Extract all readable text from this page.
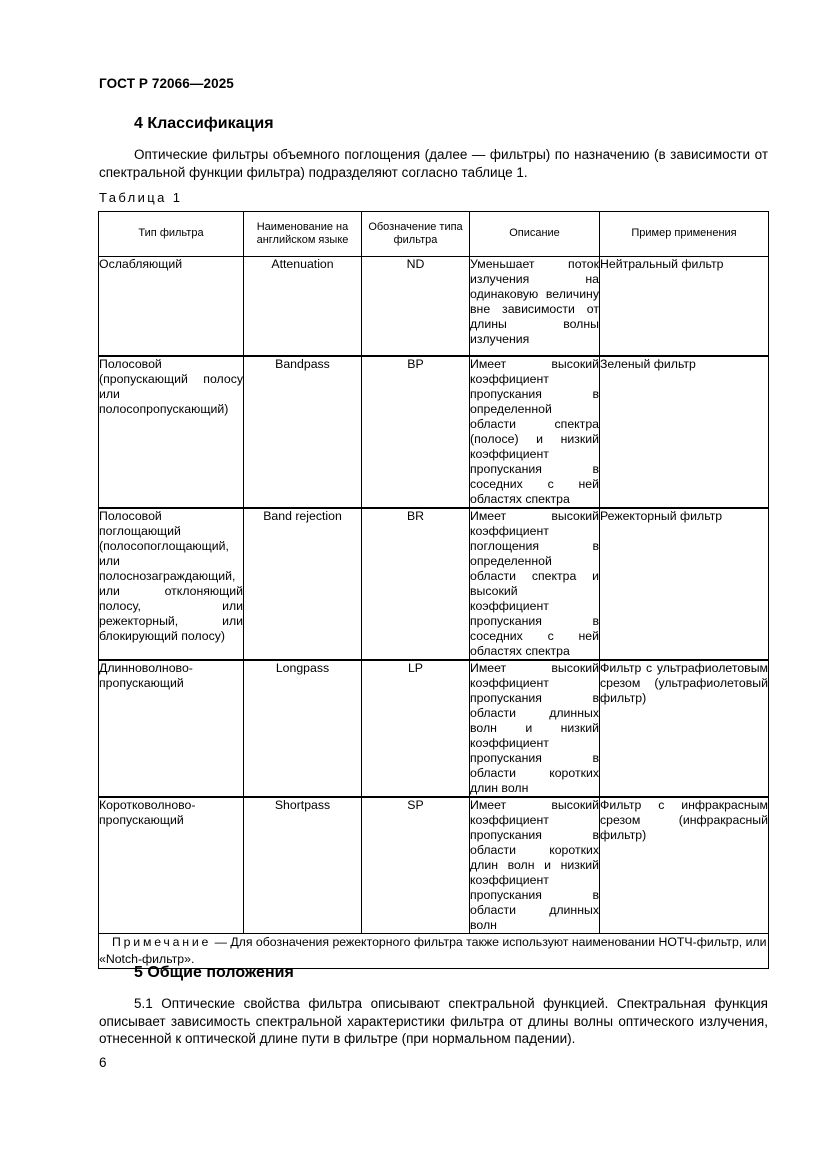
ГОСТ Р 72066—2025
4 Классификация
Оптические фильтры объемного поглощения (далее — фильтры) по назначению (в зависимости от спектральной функции фильтра) подразделяют согласно таблице 1.
Таблица 1
Тип фильтра	Наименование на английском языке	Обозначение типа фильтра	Описание	Пример применения
Ослабляющий	Attenuation	ND	Уменьшает поток излучения на одинаковую величину вне зависимости от длины волны излучения	Нейтральный фильтр
Полосовой (пропускающий полосу или полосопропускающий)	Bandpass	BP	Имеет высокий коэффициент пропускания в определенной области спектра (полосе) и низкий коэффициент пропускания в соседних с ней областях спектра	Зеленый фильтр
Полосовой поглощающий (полосопоглощающий, или полоснозаграждающий, или отклоняющий полосу, или режекторный, или блокирующий полосу)	Band rejection	BR	Имеет высокий коэффициент поглощения в определенной области спектра и высокий коэффициент пропускания в соседних с ней областях спектра	Режекторный фильтр
Длинноволново-пропускающий	Longpass	LP	Имеет высокий коэффициент пропускания в области длинных волн и низкий коэффициент пропускания в области коротких длин волн	Фильтр с ультрафиолетовым срезом (ультрафиолетовый фильтр)
Коротковолново-пропускающий	Shortpass	SP	Имеет высокий коэффициент пропускания в области коротких длин волн и низкий коэффициент пропускания в области длинных волн	Фильтр с инфракрасным срезом (инфракрасный фильтр)
Примечание — Для обозначения режекторного фильтра также используют наименовании НОТЧ-фильтр, или «Notch-фильтр».				
5 Общие положения
5.1 Оптические свойства фильтра описывают спектральной функцией. Спектральная функция описывает зависимость спектральной характеристики фильтра от длины волны оптического излучения, отнесенной к оптической длине пути в фильтре (при нормальном падении).
6
